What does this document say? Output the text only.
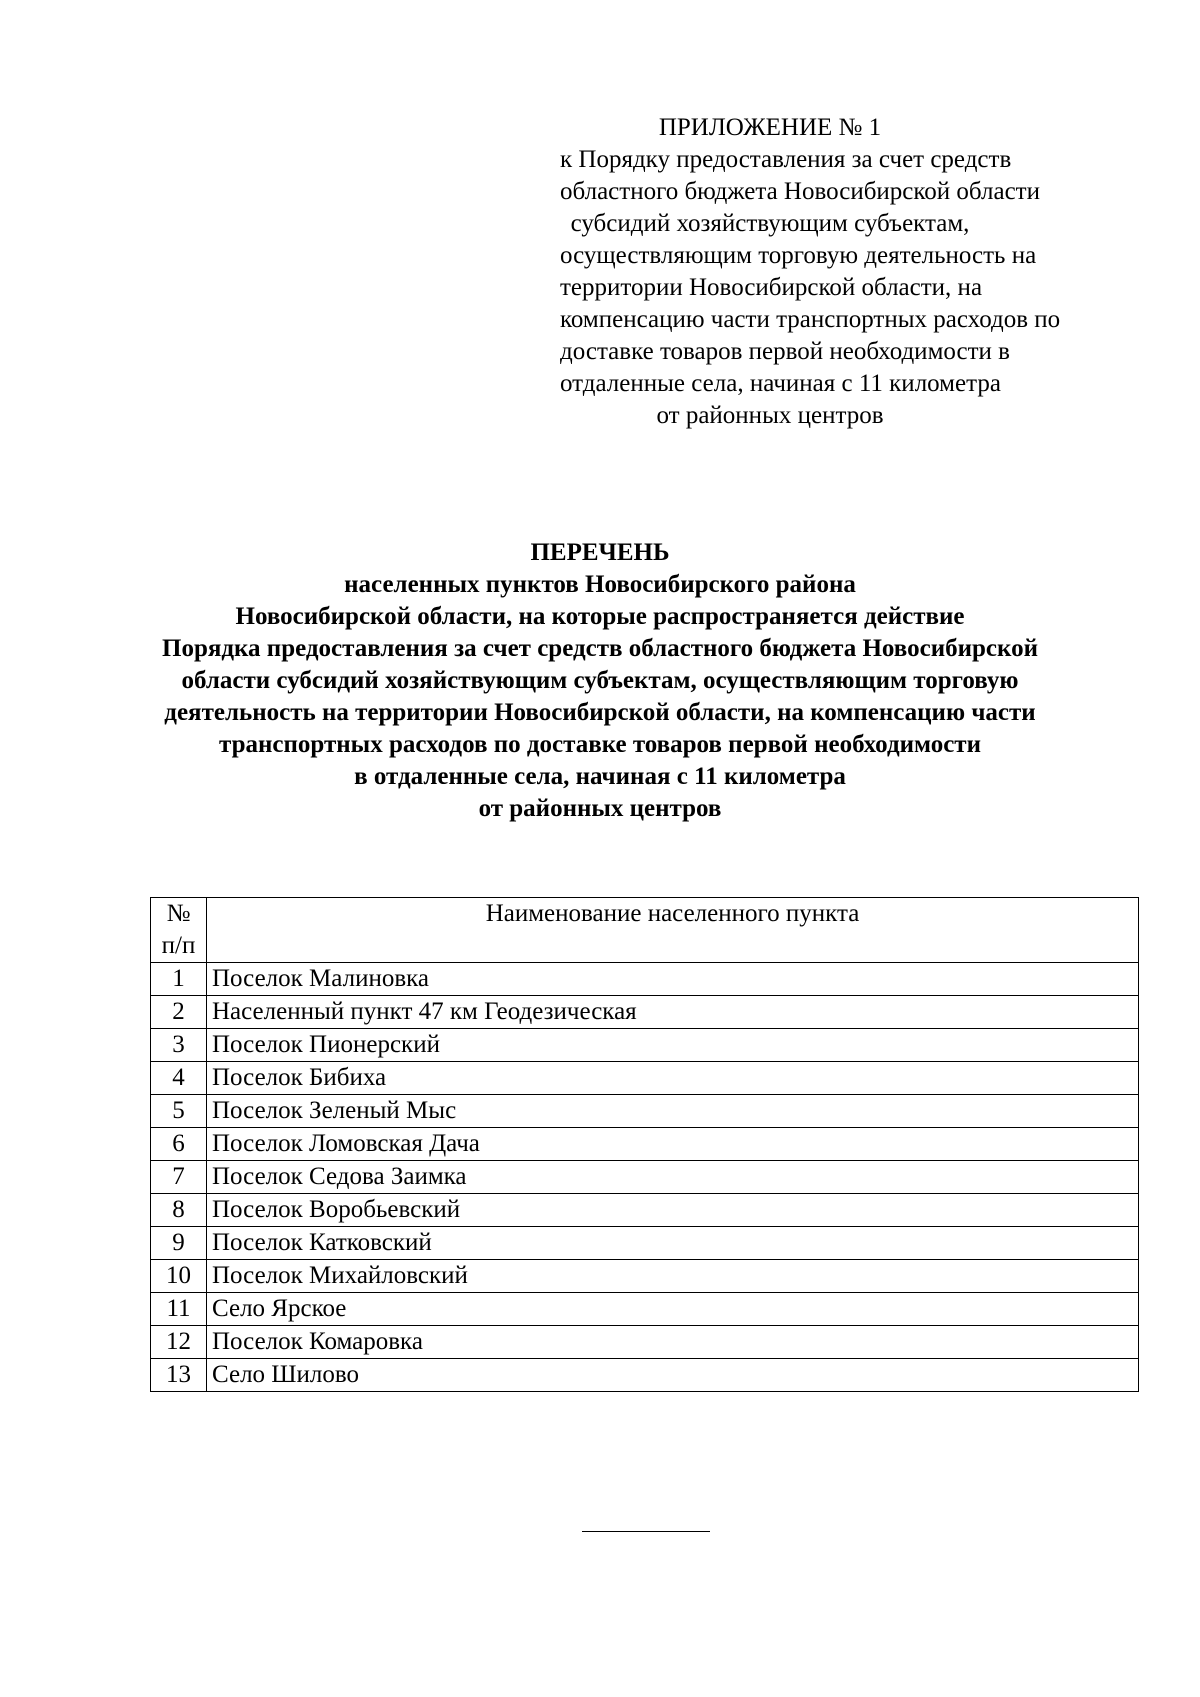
ПРИЛОЖЕНИЕ № 1
к Порядку предоставления за счет средств
областного бюджета Новосибирской области
субсидий хозяйствующим субъектам,
осуществляющим торговую деятельность на
территории Новосибирской области, на
компенсацию части транспортных расходов по
доставке товаров первой необходимости в
отдаленные села, начиная с 11 километра
от районных центров
ПЕРЕЧЕНЬ
населенных пунктов Новосибирского района
Новосибирской области, на которые распространяется действие
Порядка предоставления за счет средств областного бюджета Новосибирской
области субсидий хозяйствующим субъектам, осуществляющим торговую
деятельность на территории Новосибирской области, на компенсацию части
транспортных расходов по доставке товаров первой необходимости
в отдаленные села, начиная с 11 километра
от районных центров
№
п/п	Наименование населенного пункта
1	Поселок Малиновка
2	Населенный пункт 47 км Геодезическая
3	Поселок Пионерский
4	Поселок Бибиха
5	Поселок Зеленый Мыс
6	Поселок Ломовская Дача
7	Поселок Седова Заимка
8	Поселок Воробьевский
9	Поселок Катковский
10	Поселок Михайловский
11	Село Ярское
12	Поселок Комаровка
13	Село Шилово
